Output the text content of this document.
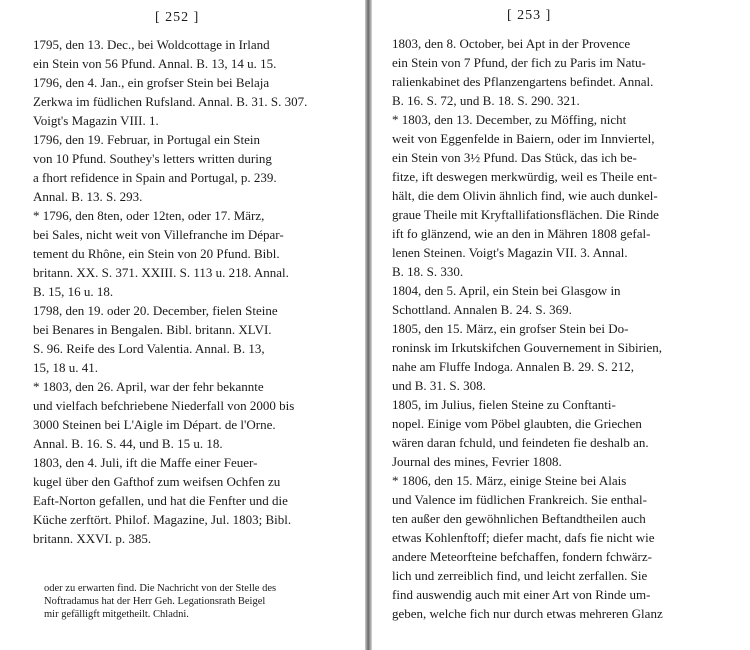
[ 252 ]
1795, den 13. Dec., bei Woldcottage in Irland
ein Stein von 56 Pfund. Annal. B. 13, 14 u. 15.
1796, den 4. Jan., ein grofser Stein bei Belaja
Zerkwa im füdlichen Rufsland. Annal. B. 31. S. 307.
Voigt's Magazin VIII. 1.
1796, den 19. Februar, in Portugal ein Stein
von 10 Pfund. Southey's letters written during
a fhort refidence in Spain and Portugal, p. 239.
Annal. B. 13. S. 293.
* 1796, den 8ten, oder 12ten, oder 17. März,
bei Sales, nicht weit von Villefranche im Dépar-
tement du Rhône, ein Stein von 20 Pfund. Bibl.
britann. XX. S. 371. XXIII. S. 113 u. 218. Annal.
B. 15, 16 u. 18.
1798, den 19. oder 20. December, fielen Steine
bei Benares in Bengalen. Bibl. britann. XLVI.
S. 96. Reife des Lord Valentia. Annal. B. 13,
15, 18 u. 41.
* 1803, den 26. April, war der fehr bekannte
und vielfach befchriebene Niederfall von 2000 bis
3000 Steinen bei L'Aigle im Départ. de l'Orne.
Annal. B. 16. S. 44, und B. 15 u. 18.
1803, den 4. Juli, ift die Maffe einer Feuer-
kugel über den Gafthof zum weifsen Ochfen zu
Eaft-Norton gefallen, und hat die Fenfter und die
Küche zerftört. Philof. Magazine, Jul. 1803; Bibl.
britann. XXVI. p. 385.
oder zu erwarten find. Die Nachricht von der Stelle des
Noftradamus hat der Herr Geh. Legationsrath Beigel
mir gefälligft mitgetheilt. Chladni.
[ 253 ]
1803, den 8. October, bei Apt in der Provence
ein Stein von 7 Pfund, der fich zu Paris im Natu-
ralienkabinet des Pflanzengartens befindet. Annal.
B. 16. S. 72, und B. 18. S. 290. 321.
* 1803, den 13. December, zu Möffing, nicht
weit von Eggenfelde in Baiern, oder im Innviertel,
ein Stein von 3½ Pfund. Das Stück, das ich be-
fitze, ift deswegen merkwürdig, weil es Theile ent-
hält, die dem Olivin ähnlich find, wie auch dunkel-
graue Theile mit Kryftallifationsflächen. Die Rinde
ift fo glänzend, wie an den in Mähren 1808 gefal-
lenen Steinen. Voigt's Magazin VII. 3. Annal.
B. 18. S. 330.
1804, den 5. April, ein Stein bei Glasgow in
Schottland. Annalen B. 24. S. 369.
1805, den 15. März, ein grofser Stein bei Do-
roninsk im Irkutskifchen Gouvernement in Sibirien,
nahe am Fluffe Indoga. Annalen B. 29. S. 212,
und B. 31. S. 308.
1805, im Julius, fielen Steine zu Conftanti-
nopel. Einige vom Pöbel glaubten, die Griechen
wären daran fchuld, und feindeten fie deshalb an.
Journal des mines, Fevrier 1808.
* 1806, den 15. März, einige Steine bei Alais
und Valence im füdlichen Frankreich. Sie enthal-
ten außer den gewöhnlichen Beftandtheilen auch
etwas Kohlenftoff; diefer macht, dafs fie nicht wie
andere Meteorfteine befchaffen, fondern fchwärz-
lich und zerreiblich find, und leicht zerfallen. Sie
find auswendig auch mit einer Art von Rinde um-
geben, welche fich nur durch etwas mehreren Glanz
